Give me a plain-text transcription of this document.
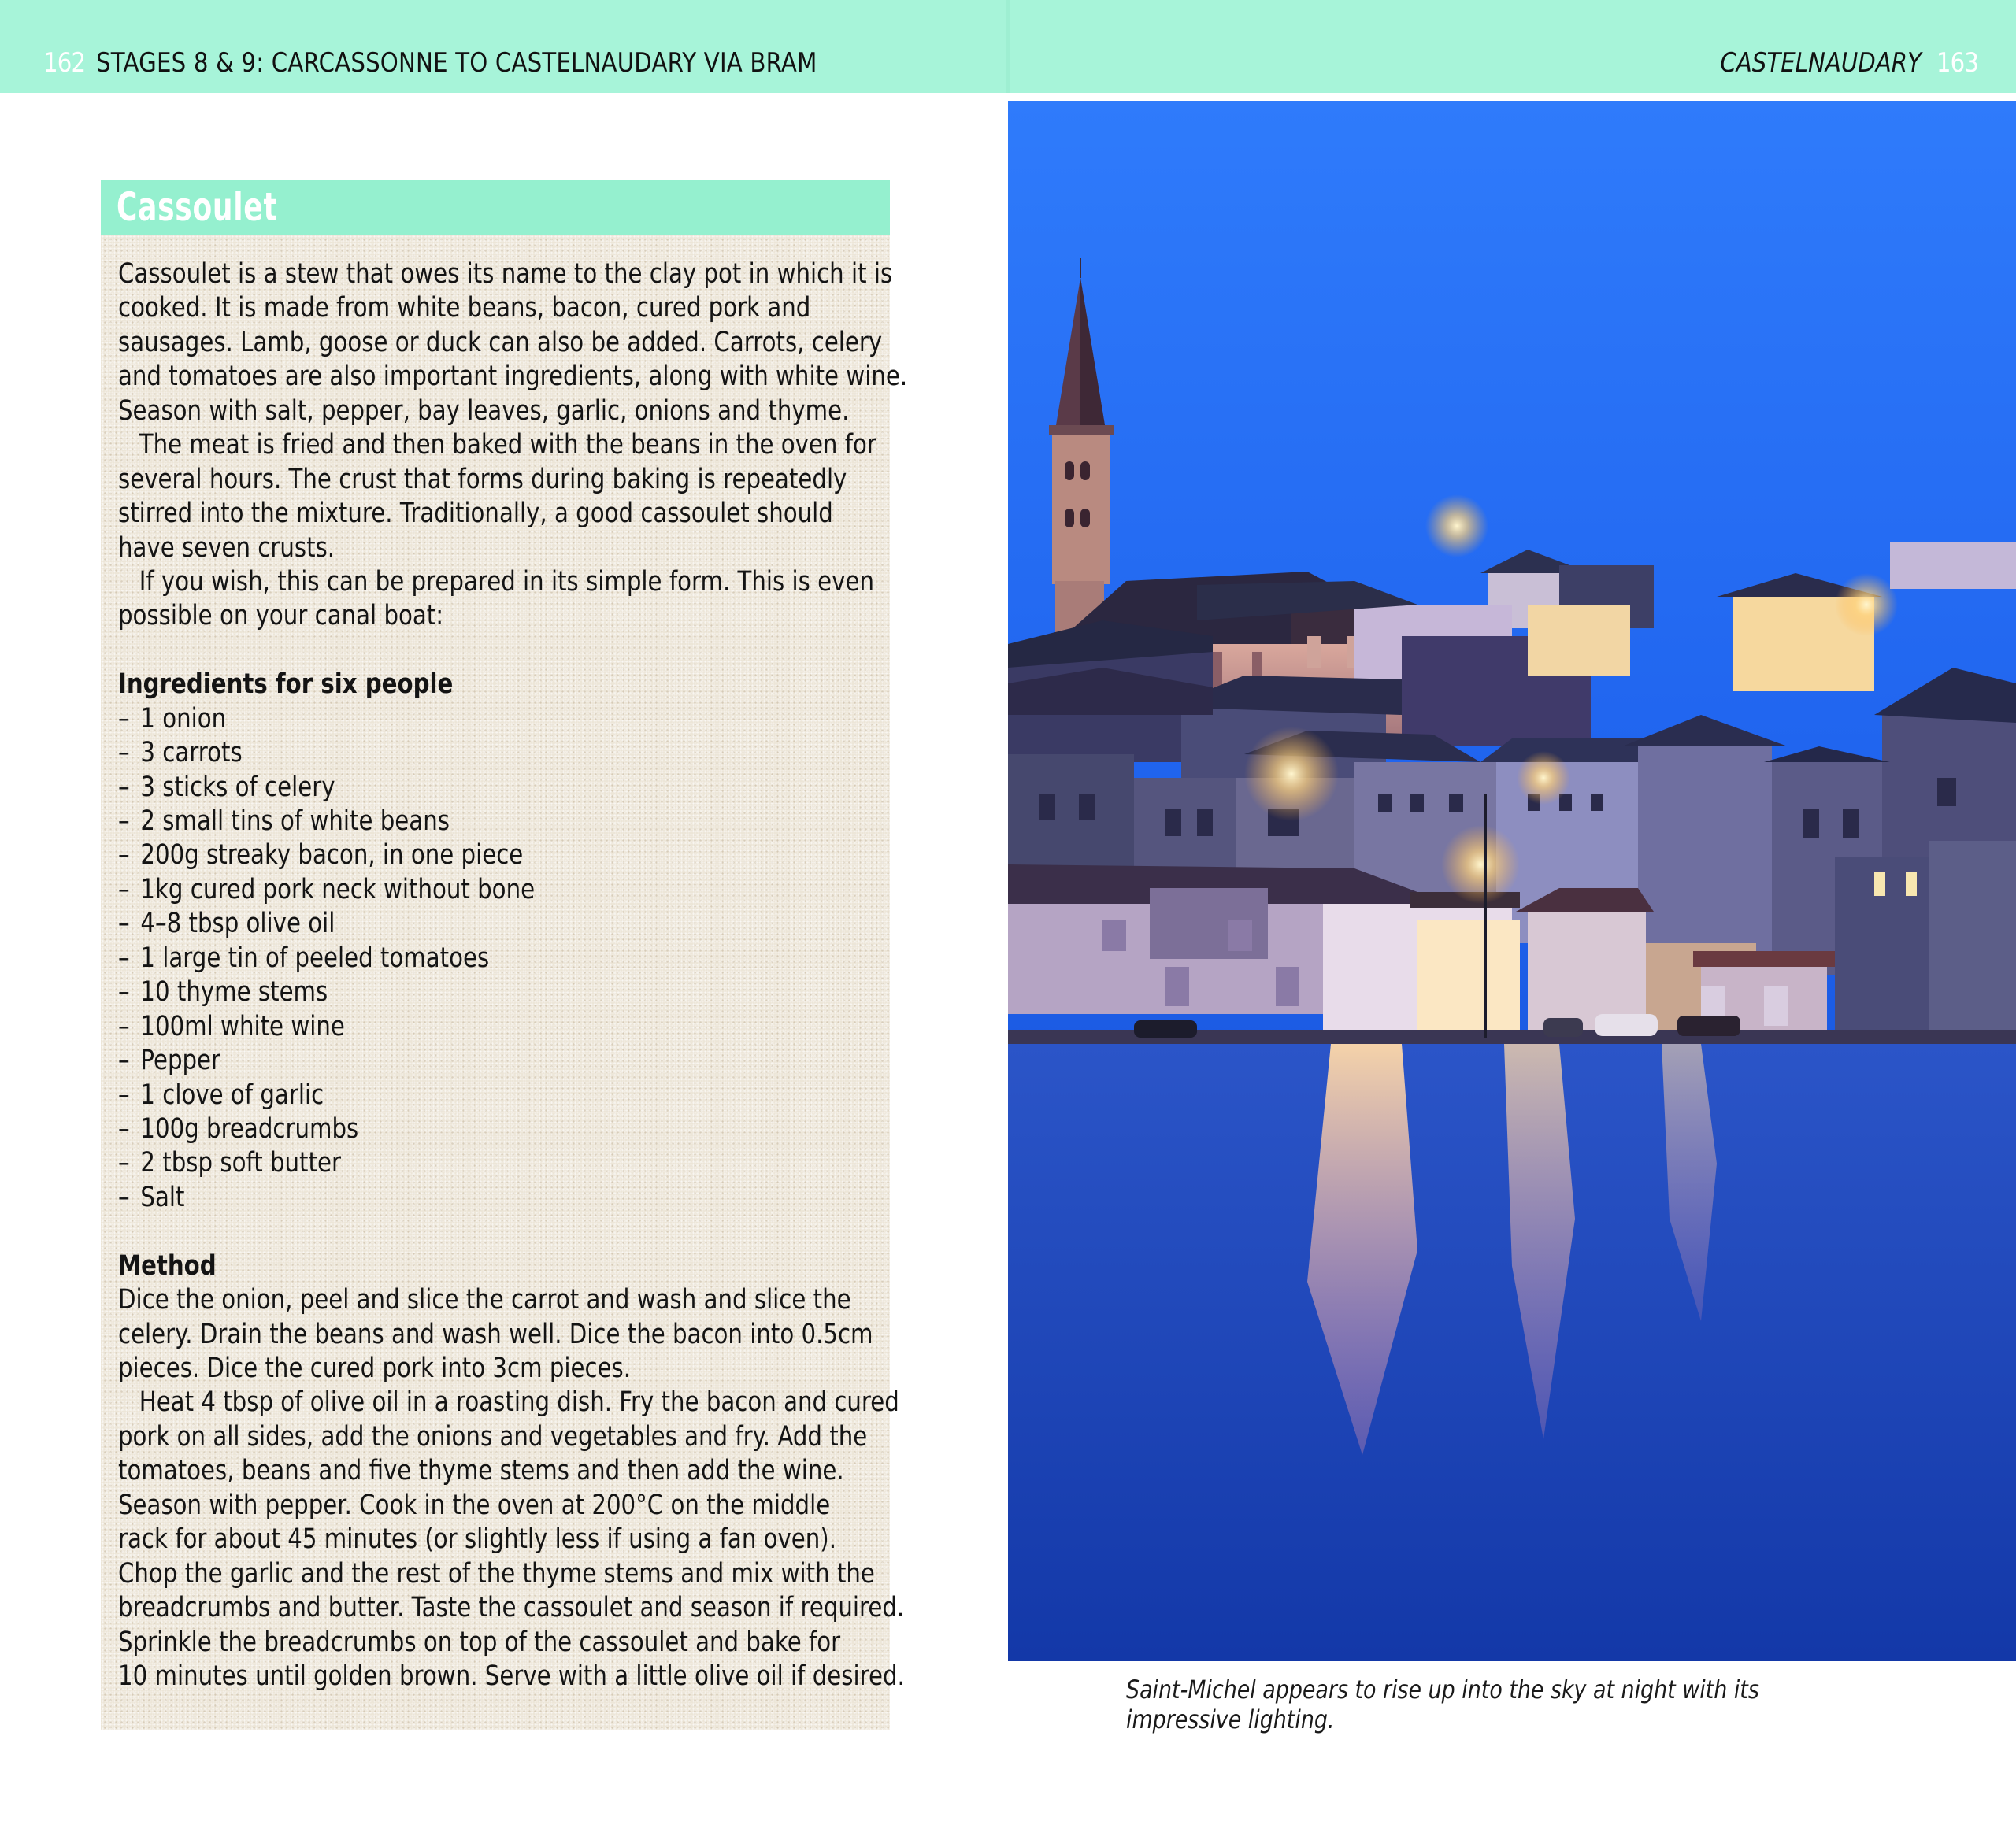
162 STAGES 8 & 9: CARCASSONNE TO CASTELNAUDARY VIA BRAM	CASTELNAUDARY 163
Cassoulet
Cassoulet is a stew that owes its name to the clay pot in which it is
cooked. It is made from white beans, bacon, cured pork and
sausages. Lamb, goose or duck can also be added. Carrots, celery
and tomatoes are also important ingredients, along with white wine.
Season with salt, pepper, bay leaves, garlic, onions and thyme.
The meat is fried and then baked with the beans in the oven for
several hours. The crust that forms during baking is repeatedly
stirred into the mixture. Traditionally, a good cassoulet should
have seven crusts.
If you wish, this can be prepared in its simple form. This is even
possible on your canal boat:
Ingredients for six people
– 1 onion
– 3 carrots
– 3 sticks of celery
– 2 small tins of white beans
– 200g streaky bacon, in one piece
– 1kg cured pork neck without bone
– 4–8 tbsp olive oil
– 1 large tin of peeled tomatoes
– 10 thyme stems
– 100ml white wine
– Pepper
– 1 clove of garlic
– 100g breadcrumbs
– 2 tbsp soft butter
– Salt
Method
Dice the onion, peel and slice the carrot and wash and slice the
celery. Drain the beans and wash well. Dice the bacon into 0.5cm
pieces. Dice the cured pork into 3cm pieces.
Heat 4 tbsp of olive oil in a roasting dish. Fry the bacon and cured
pork on all sides, add the onions and vegetables and fry. Add the
tomatoes, beans and five thyme stems and then add the wine.
Season with pepper. Cook in the oven at 200°C on the middle
rack for about 45 minutes (or slightly less if using a fan oven).
Chop the garlic and the rest of the thyme stems and mix with the
breadcrumbs and butter. Taste the cassoulet and season if required.
Sprinkle the breadcrumbs on top of the cassoulet and bake for
10 minutes until golden brown. Serve with a little olive oil if desired.	Saint-Michel appears to rise up into the sky at night with its
impressive lighting.
